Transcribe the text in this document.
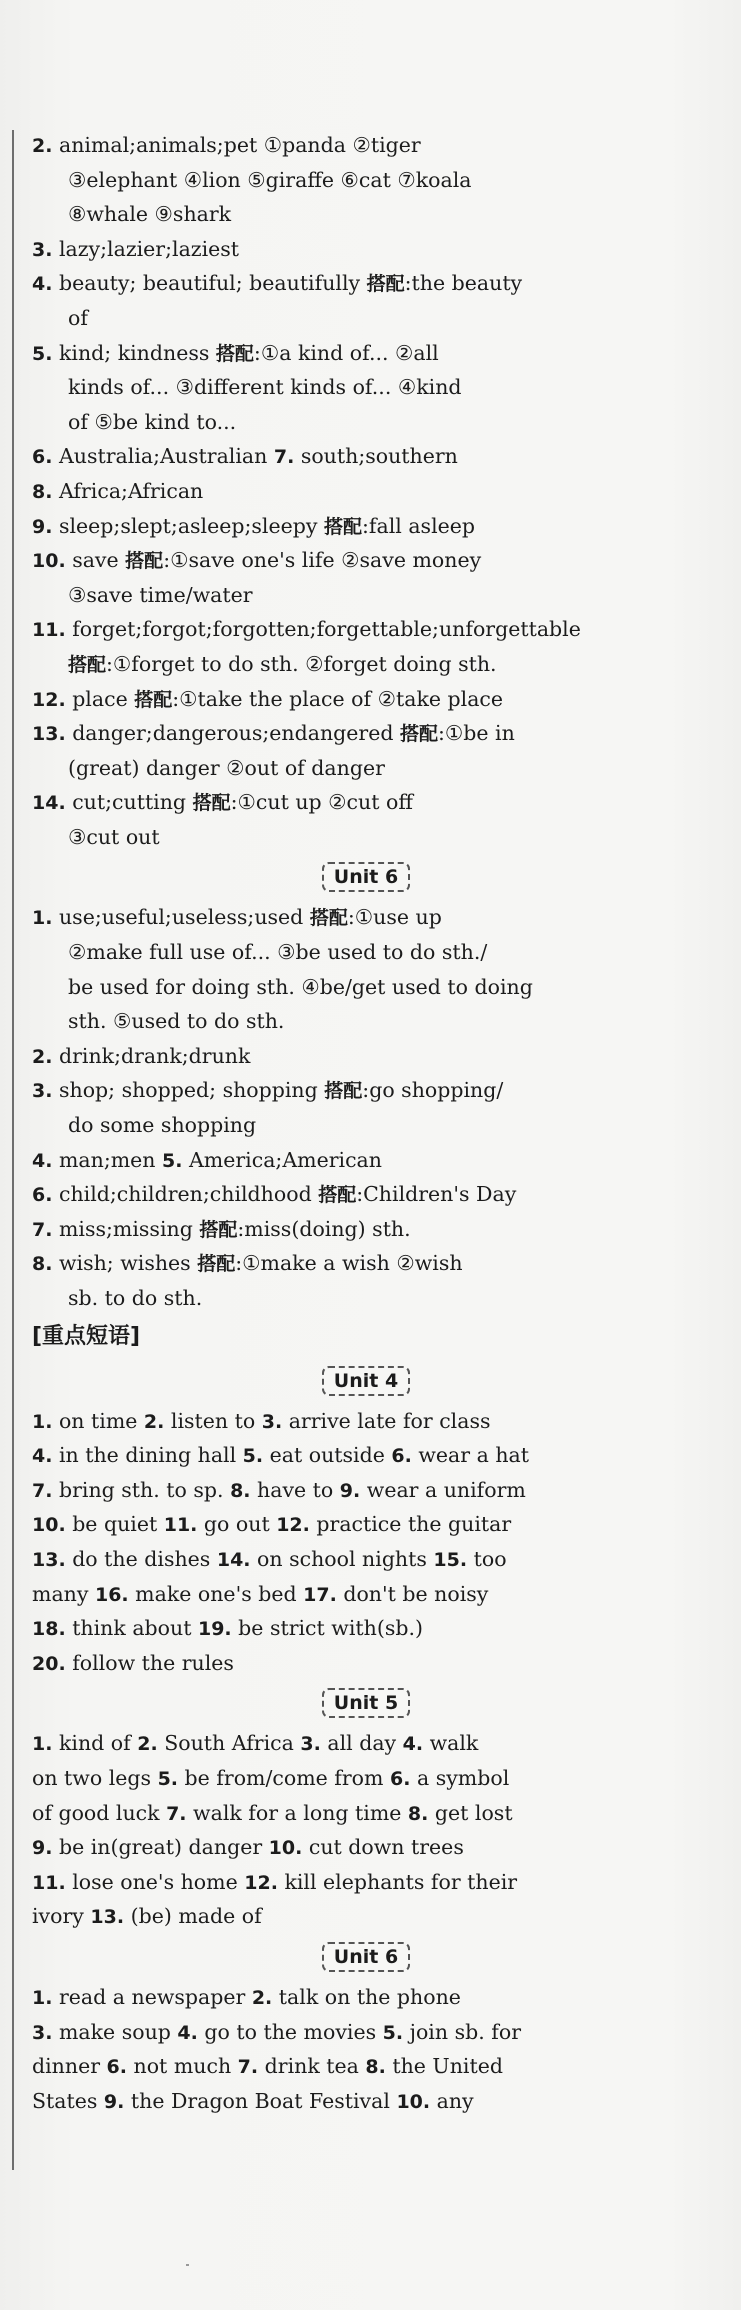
2. animal;animals;pet ①panda ②tiger
③elephant ④lion ⑤giraffe ⑥cat ⑦koala
⑧whale ⑨shark
3. lazy;lazier;laziest
4. beauty; beautiful; beautifully 搭配:the beauty
of
5. kind; kindness 搭配:①a kind of... ②all
kinds of... ③different kinds of... ④kind
of ⑤be kind to...
6. Australia;Australian 7. south;southern
8. Africa;African
9. sleep;slept;asleep;sleepy 搭配:fall asleep
10. save 搭配:①save one's life ②save money
③save time/water
11. forget;forgot;forgotten;forgettable;unforgettable
搭配:①forget to do sth. ②forget doing sth.
12. place 搭配:①take the place of ②take place
13. danger;dangerous;endangered 搭配:①be in
(great) danger ②out of danger
14. cut;cutting 搭配:①cut up ②cut off
③cut out
Unit 6
1. use;useful;useless;used 搭配:①use up
②make full use of... ③be used to do sth./
be used for doing sth. ④be/get used to doing
sth. ⑤used to do sth.
2. drink;drank;drunk
3. shop; shopped; shopping 搭配:go shopping/
do some shopping
4. man;men 5. America;American
6. child;children;childhood 搭配:Children's Day
7. miss;missing 搭配:miss(doing) sth.
8. wish; wishes 搭配:①make a wish ②wish
sb. to do sth.
[重点短语]
Unit 4
1. on time 2. listen to 3. arrive late for class
4. in the dining hall 5. eat outside 6. wear a hat
7. bring sth. to sp. 8. have to 9. wear a uniform
10. be quiet 11. go out 12. practice the guitar
13. do the dishes 14. on school nights 15. too
many 16. make one's bed 17. don't be noisy
18. think about 19. be strict with(sb.)
20. follow the rules
Unit 5
1. kind of 2. South Africa 3. all day 4. walk
on two legs 5. be from/come from 6. a symbol
of good luck 7. walk for a long time 8. get lost
9. be in(great) danger 10. cut down trees
11. lose one's home 12. kill elephants for their
ivory 13. (be) made of
Unit 6
1. read a newspaper 2. talk on the phone
3. make soup 4. go to the movies 5. join sb. for
dinner 6. not much 7. drink tea 8. the United
States 9. the Dragon Boat Festival 10. any
